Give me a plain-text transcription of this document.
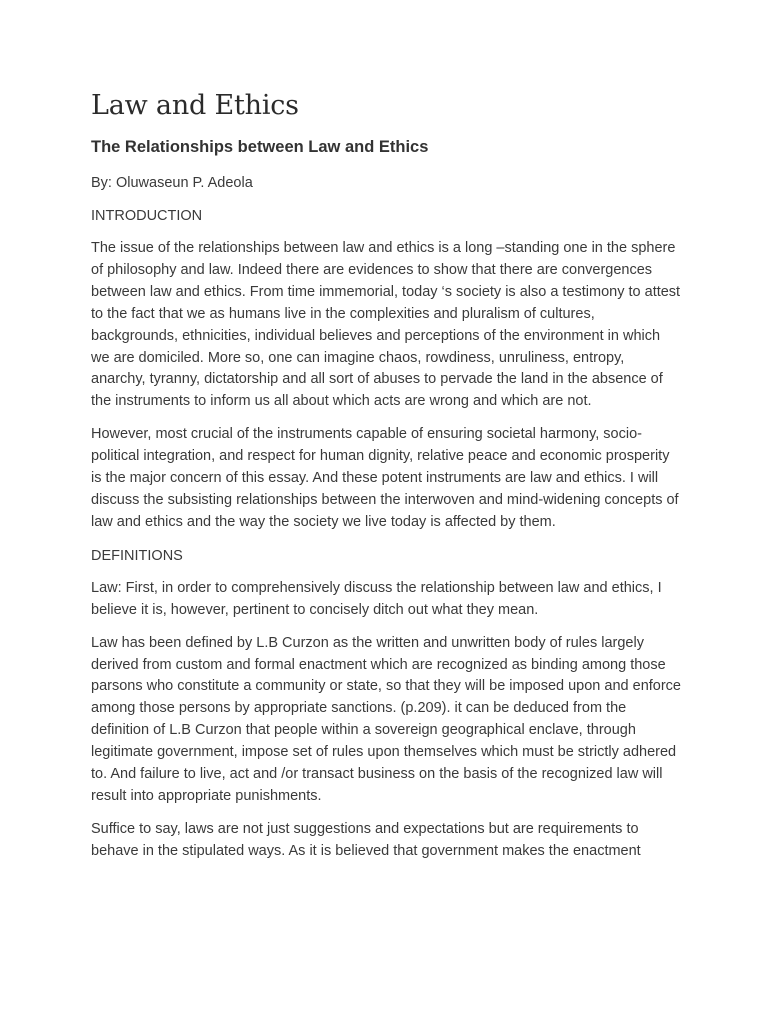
Law and Ethics
The Relationships between Law and Ethics

By: Oluwaseun P. Adeola

INTRODUCTION

The issue of the relationships between law and ethics is a long –standing one in the sphere of philosophy and law. Indeed there are evidences to show that there are convergences between law and ethics. From time immemorial, today ‘s society is also a testimony to attest to the fact that we as humans live in the complexities and pluralism of cultures, backgrounds, ethnicities, individual believes and perceptions of the environment in which we are domiciled. More so, one can imagine chaos, rowdiness, unruliness, entropy, anarchy, tyranny, dictatorship and all sort of abuses to pervade the land in the absence of the instruments to inform us all about which acts are wrong and which are not.

However, most crucial of the instruments capable of ensuring societal harmony, socio-political integration, and respect for human dignity, relative peace and economic prosperity is the major concern of this essay. And these potent instruments are law and ethics. I will discuss the subsisting relationships between the interwoven and mind-widening concepts of law and ethics and the way the society we live today is affected by them.

DEFINITIONS

Law: First, in order to comprehensively discuss the relationship between law and ethics, I believe it is, however, pertinent to concisely ditch out what they mean.

Law has been defined by L.B Curzon as the written and unwritten body of rules largely derived from custom and formal enactment which are recognized as binding among those parsons who constitute a community or state, so that they will be imposed upon and enforce among those persons by appropriate sanctions. (p.209). it can be deduced from the definition of L.B Curzon that people within a sovereign geographical enclave, through legitimate government, impose set of rules upon themselves which must be strictly adhered to. And failure to live, act and /or transact business on the basis of the recognized law will result into appropriate punishments.

Suffice to say, laws are not just suggestions and expectations but are requirements to behave in the stipulated ways. As it is believed that government makes the enactment
